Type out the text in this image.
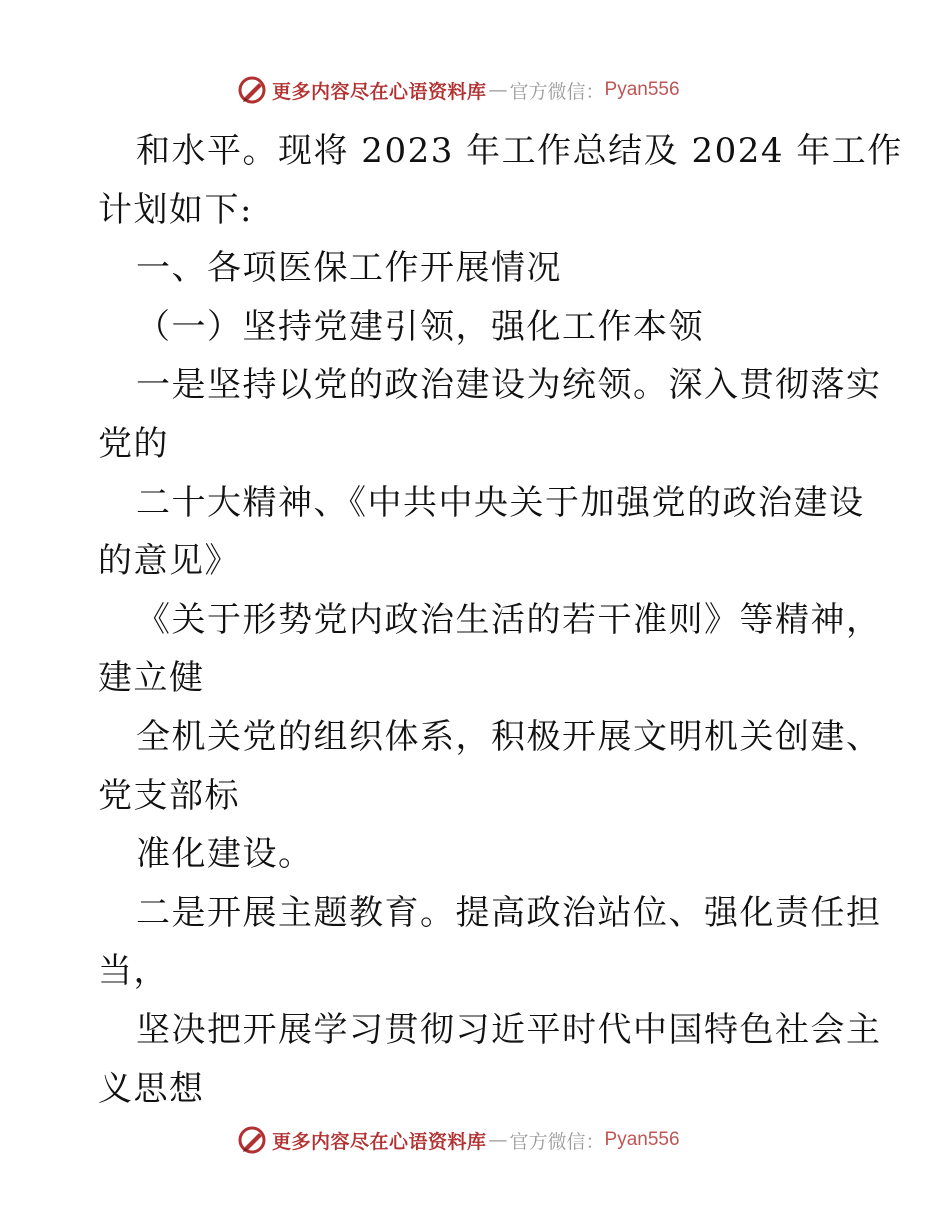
更多内容尽在心语资料库 — 官方微信： Pyan556
和水平。现将 2023 年工作总结及 2024 年工作
计划如下:
一、各项医保工作开展情况
（一）坚持党建引领，强化工作本领
一是坚持以党的政治建设为统领。深入贯彻落实
党的
二十大精神、《中共中央关于加强党的政治建设
的意见》
《关于形势党内政治生活的若干准则》等精神，
建立健
全机关党的组织体系，积极开展文明机关创建、
党支部标
准化建设。
二是开展主题教育。提高政治站位、强化责任担
当，
坚决把开展学习贯彻习近平时代中国特色社会主
义思想
更多内容尽在心语资料库 — 官方微信： Pyan556
